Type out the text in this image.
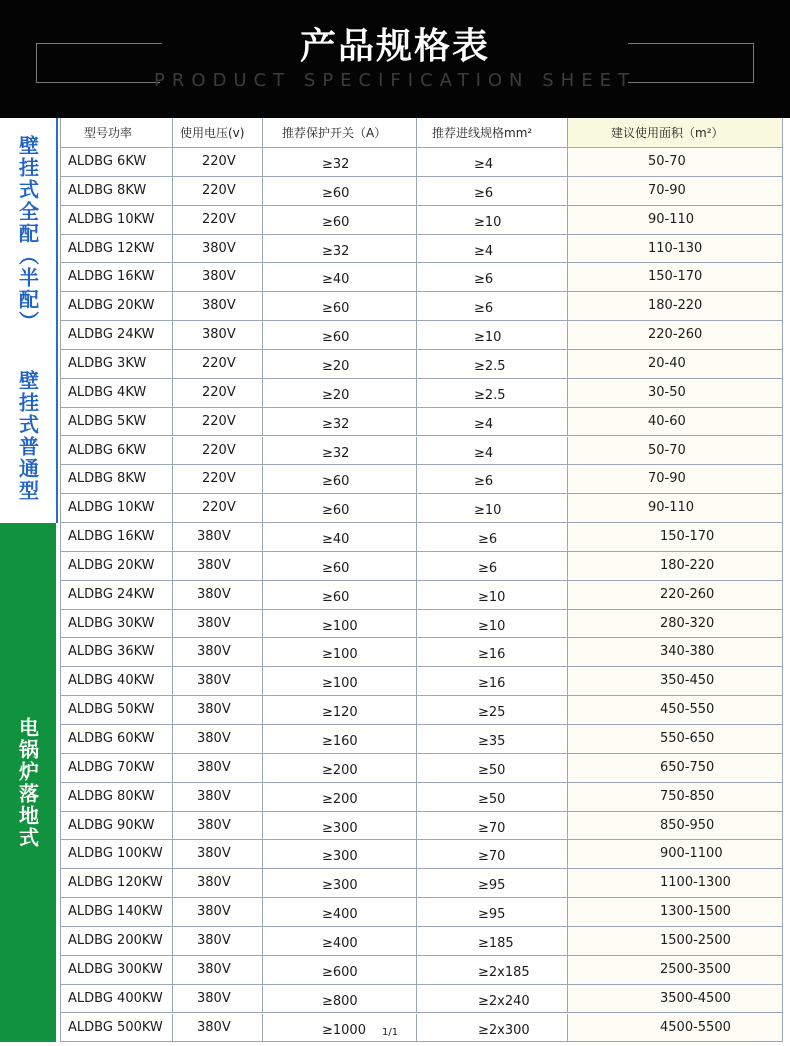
产品规格表
PRODUCT SPECIFICATION SHEET
型号功率	使用电压(v)	推荐保护开关（A）	推荐进线规格mm²	建议使用面积（m²）
ALDBG 6KW	220V	≥32	≥4	50-70
ALDBG 8KW	220V	≥60	≥6	70-90
ALDBG 10KW	220V	≥60	≥10	90-110
ALDBG 12KW	380V	≥32	≥4	110-130
ALDBG 16KW	380V	≥40	≥6	150-170
ALDBG 20KW	380V	≥60	≥6	180-220
ALDBG 24KW	380V	≥60	≥10	220-260
壁挂式全配（半配）
ALDBG 3KW	220V	≥20	≥2.5	20-40
ALDBG 4KW	220V	≥20	≥2.5	30-50
ALDBG 5KW	220V	≥32	≥4	40-60
ALDBG 6KW	220V	≥32	≥4	50-70
ALDBG 8KW	220V	≥60	≥6	70-90
ALDBG 10KW	220V	≥60	≥10	90-110
壁挂式普通型
ALDBG 16KW	380V	≥40	≥6	150-170
ALDBG 20KW	380V	≥60	≥6	180-220
ALDBG 24KW	380V	≥60	≥10	220-260
ALDBG 30KW	380V	≥100	≥10	280-320
ALDBG 36KW	380V	≥100	≥16	340-380
ALDBG 40KW	380V	≥100	≥16	350-450
ALDBG 50KW	380V	≥120	≥25	450-550
ALDBG 60KW	380V	≥160	≥35	550-650
ALDBG 70KW	380V	≥200	≥50	650-750
ALDBG 80KW	380V	≥200	≥50	750-850
ALDBG 90KW	380V	≥300	≥70	850-950
ALDBG 100KW	380V	≥300	≥70	900-1100
ALDBG 120KW	380V	≥300	≥95	1100-1300
ALDBG 140KW	380V	≥400	≥95	1300-1500
ALDBG 200KW	380V	≥400	≥185	1500-2500
ALDBG 300KW	380V	≥600	≥2x185	2500-3500
ALDBG 400KW	380V	≥800	≥2x240	3500-4500
ALDBG 500KW	380V	≥1000	≥2x300	4500-5500
电锅炉落地式
1/1
